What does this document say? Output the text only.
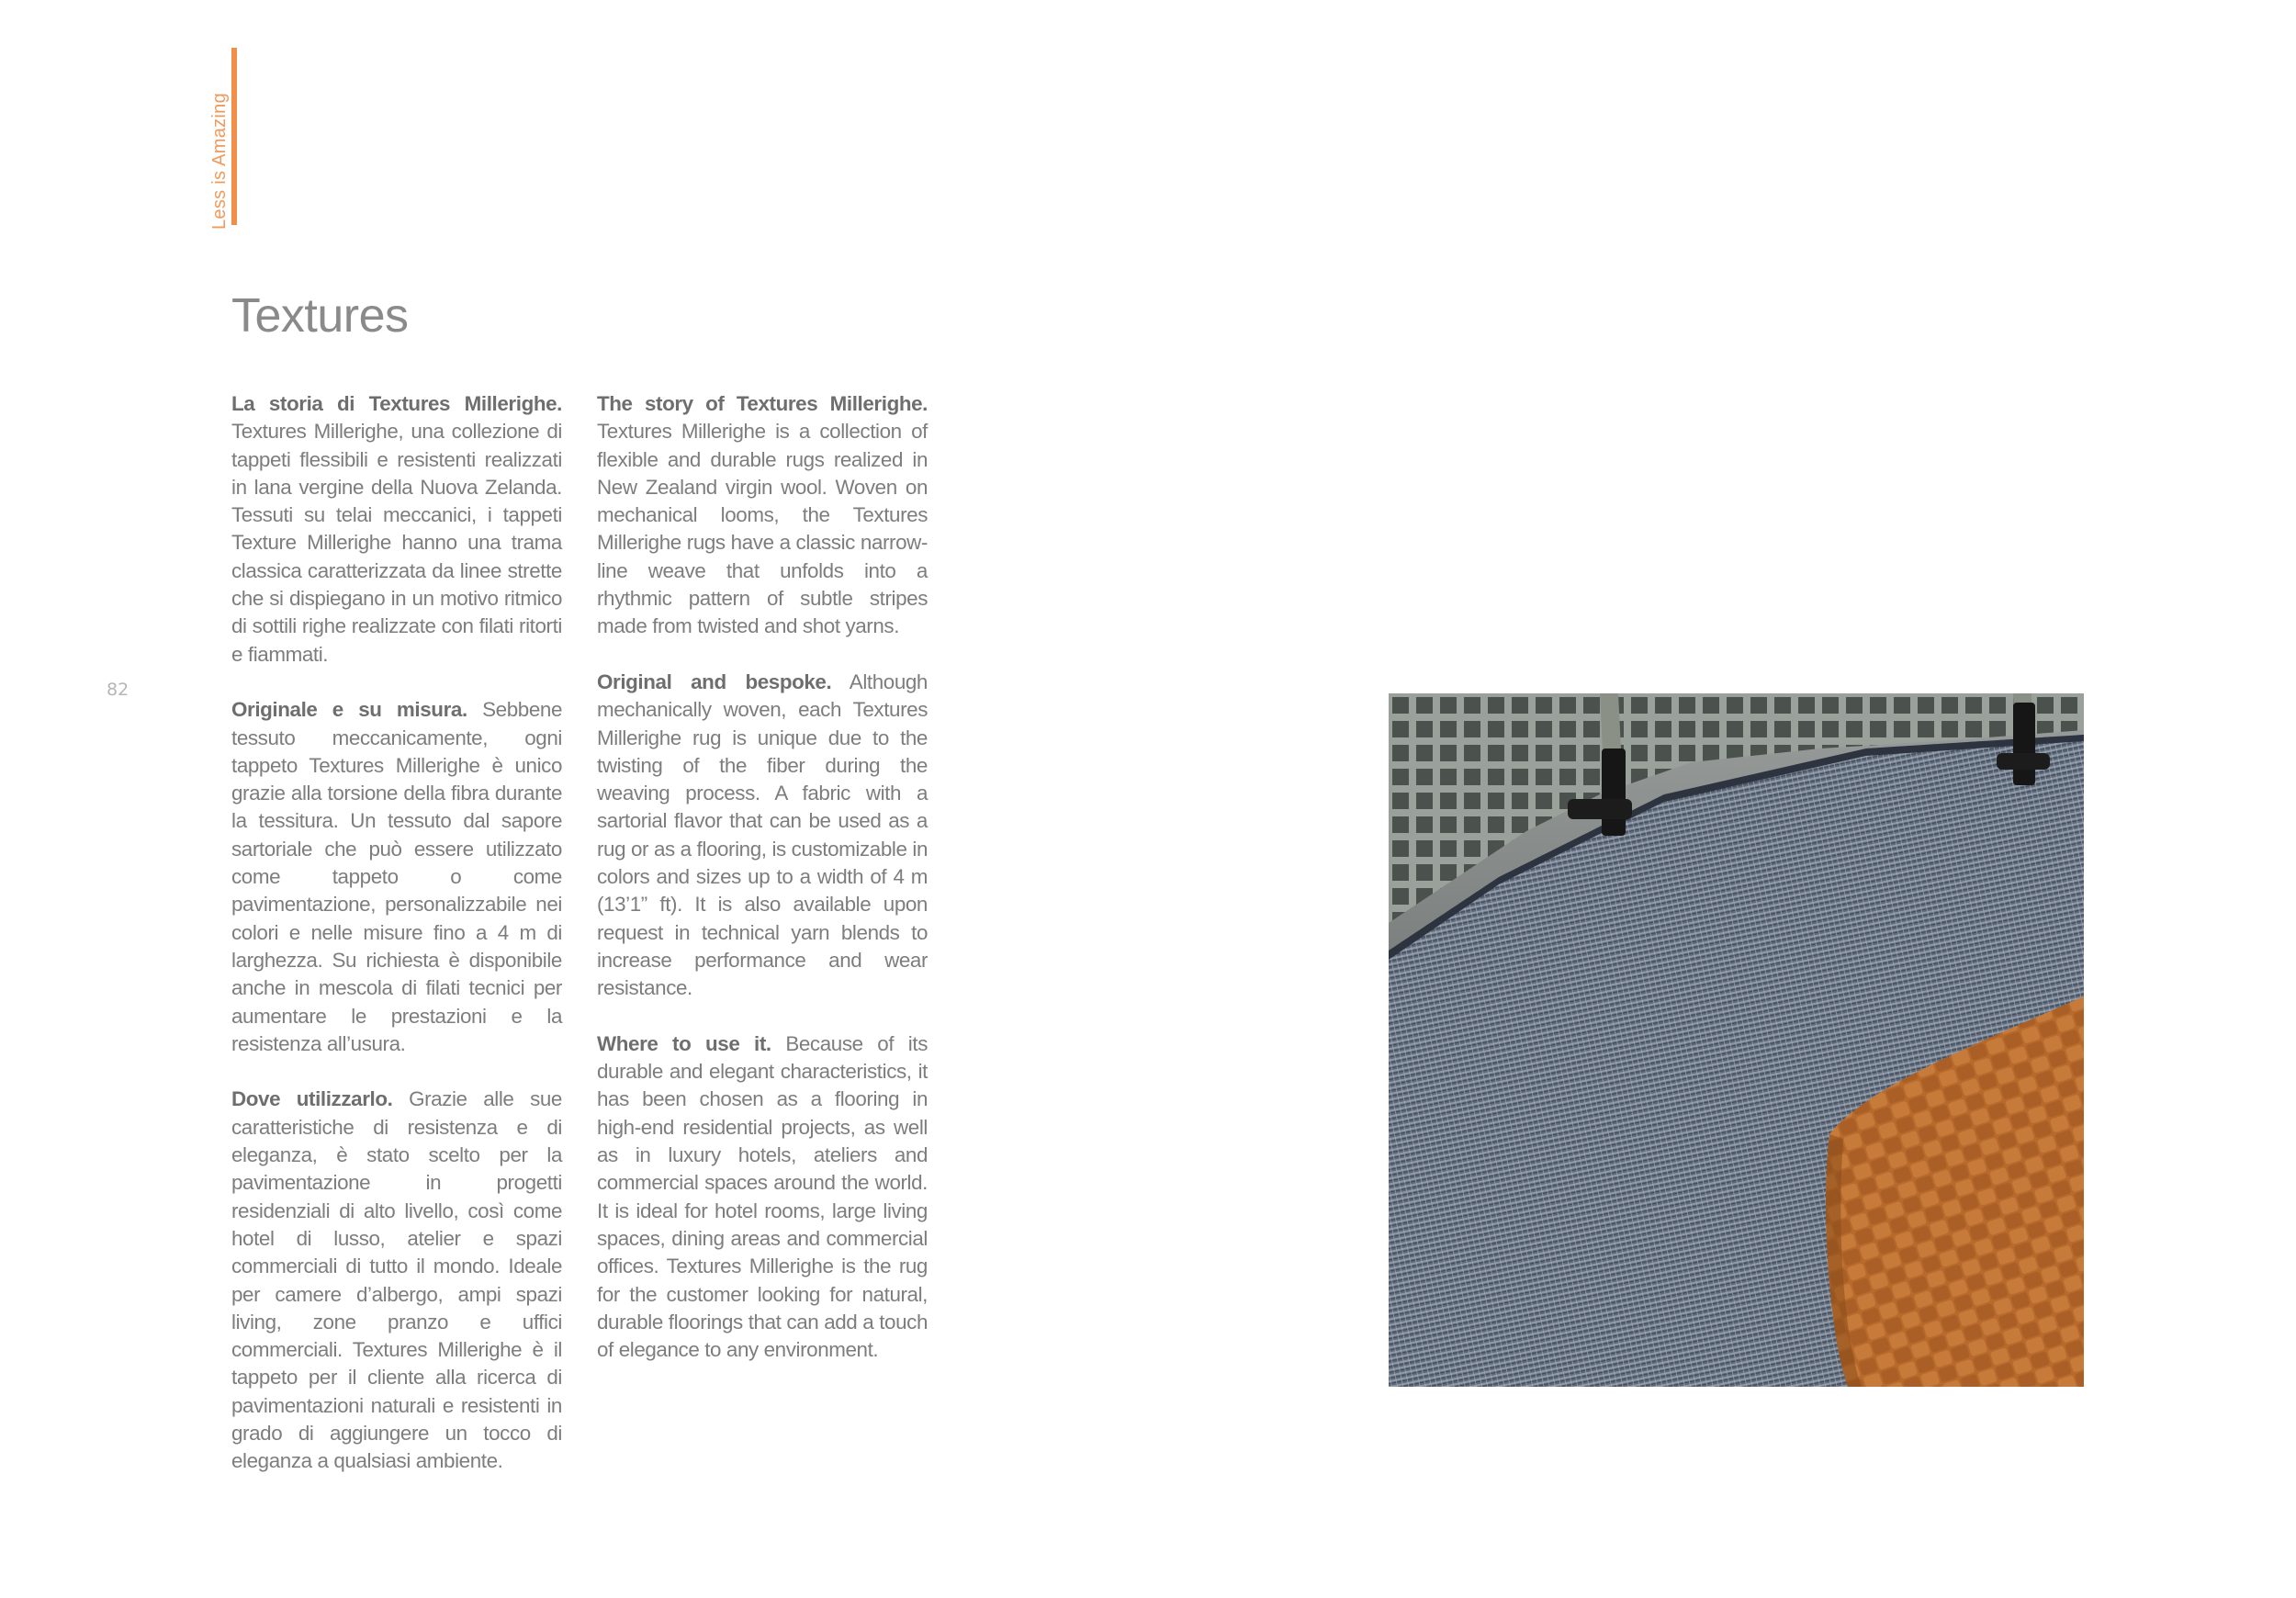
Less is Amazing
82
Textures

La storia di Textures Millerighe. Textures Millerighe, una collezione di tappeti flessibili e resistenti realizzati in lana vergine della Nuova Zelanda. Tessuti su telai meccanici, i tappeti Texture Millerighe hanno una trama classica caratterizzata da linee strette che si dispiegano in un motivo ritmico di sottili righe realizzate con filati ritorti e fiammati.

Originale e su misura. Sebbene tessuto meccanicamente, ogni tappeto Textures Millerighe è unico grazie alla torsione della fibra durante la tessitura. Un tessuto dal sapore sartoriale che può essere utilizzato come tappeto o come pavimentazione, personalizzabile nei colori e nelle misure fino a 4 m di larghezza. Su richiesta è disponibile anche in mescola di filati tecnici per aumentare le prestazioni e la resistenza all’usura.

Dove utilizzarlo. Grazie alle sue caratteristiche di resistenza e di eleganza, è stato scelto per la pavimentazione in progetti residenziali di alto livello, così come hotel di lusso, atelier e spazi commerciali di tutto il mondo. Ideale per camere d’albergo, ampi spazi living, zone pranzo e uffici commerciali. Textures Millerighe è il tappeto per il cliente alla ricerca di pavimentazioni naturali e resistenti in grado di aggiungere un tocco di eleganza a qualsiasi ambiente.

The story of Textures Millerighe. Textures Millerighe is a collection of flexible and durable rugs realized in New Zealand virgin wool. Woven on mechanical looms, the Textures Millerighe rugs have a classic narrow-line weave that unfolds into a rhythmic pattern of subtle stripes made from twisted and shot yarns.

Original and bespoke. Although mechanically woven, each Textures Millerighe rug is unique due to the twisting of the fiber during the weaving process. A fabric with a sartorial flavor that can be used as a rug or as a flooring, is customizable in colors and sizes up to a width of 4 m (13’1” ft). It is also available upon request in technical yarn blends to increase performance and wear resistance.

Where to use it. Because of its durable and elegant characteristics, it has been chosen as a flooring in high-end residential projects, as well as in luxury hotels, ateliers and commercial spaces around the world. It is ideal for hotel rooms, large living spaces, dining areas and commercial offices. Textures Millerighe is the rug for the customer looking for natural, durable floorings that can add a touch of elegance to any environment.
